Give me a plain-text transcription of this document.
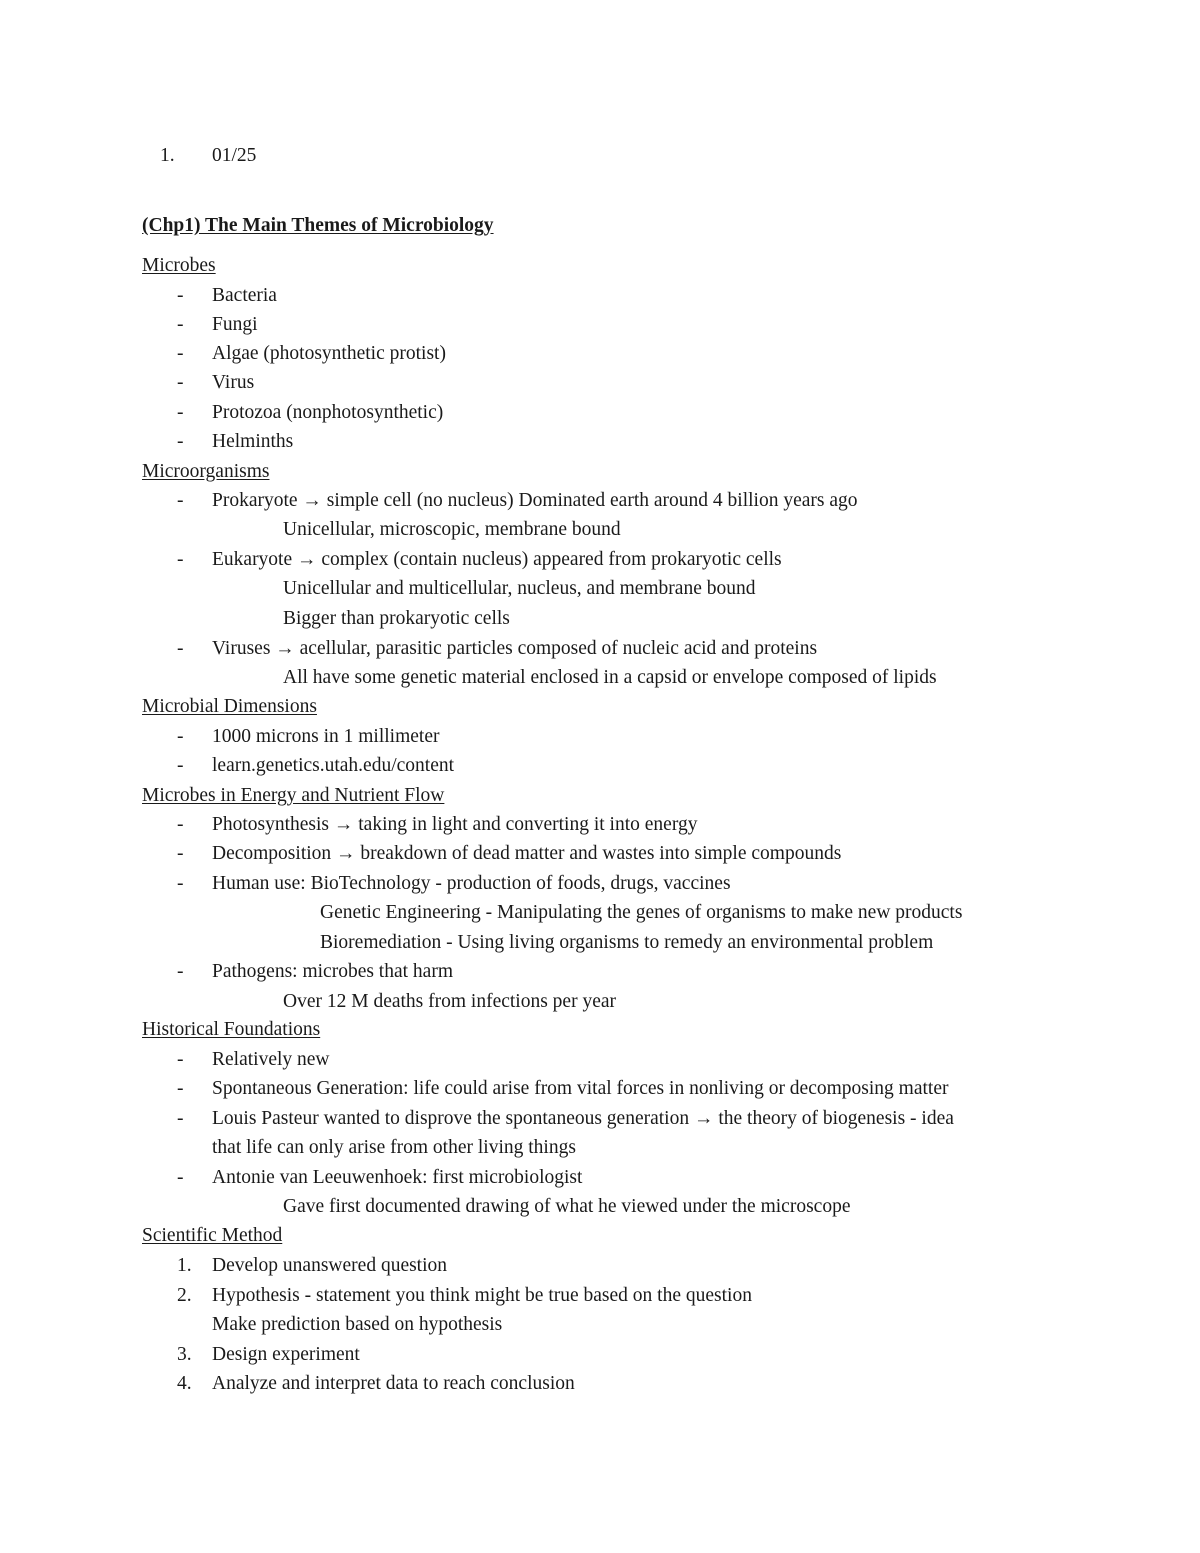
1. 01/25
(Chp1) The Main Themes of Microbiology
Microbes
- Bacteria
- Fungi
- Algae (photosynthetic protist)
- Virus
- Protozoa (nonphotosynthetic)
- Helminths
Microorganisms
- Prokaryote → simple cell (no nucleus) Dominated earth around 4 billion years ago
Unicellular, microscopic, membrane bound
- Eukaryote → complex (contain nucleus) appeared from prokaryotic cells
Unicellular and multicellular, nucleus, and membrane bound
Bigger than prokaryotic cells
- Viruses → acellular, parasitic particles composed of nucleic acid and proteins
All have some genetic material enclosed in a capsid or envelope composed of lipids
Microbial Dimensions
- 1000 microns in 1 millimeter
- learn.genetics.utah.edu/content
Microbes in Energy and Nutrient Flow
- Photosynthesis → taking in light and converting it into energy
- Decomposition → breakdown of dead matter and wastes into simple compounds
- Human use: BioTechnology - production of foods, drugs, vaccines
Genetic Engineering - Manipulating the genes of organisms to make new products
Bioremediation - Using living organisms to remedy an environmental problem
- Pathogens: microbes that harm
Over 12 M deaths from infections per year
Historical Foundations
- Relatively new
- Spontaneous Generation: life could arise from vital forces in nonliving or decomposing matter
- Louis Pasteur wanted to disprove the spontaneous generation → the theory of biogenesis - idea
that life can only arise from other living things
- Antonie van Leeuwenhoek: first microbiologist
Gave first documented drawing of what he viewed under the microscope
Scientific Method
1. Develop unanswered question
2. Hypothesis - statement you think might be true based on the question
Make prediction based on hypothesis
3. Design experiment
4. Analyze and interpret data to reach conclusion
